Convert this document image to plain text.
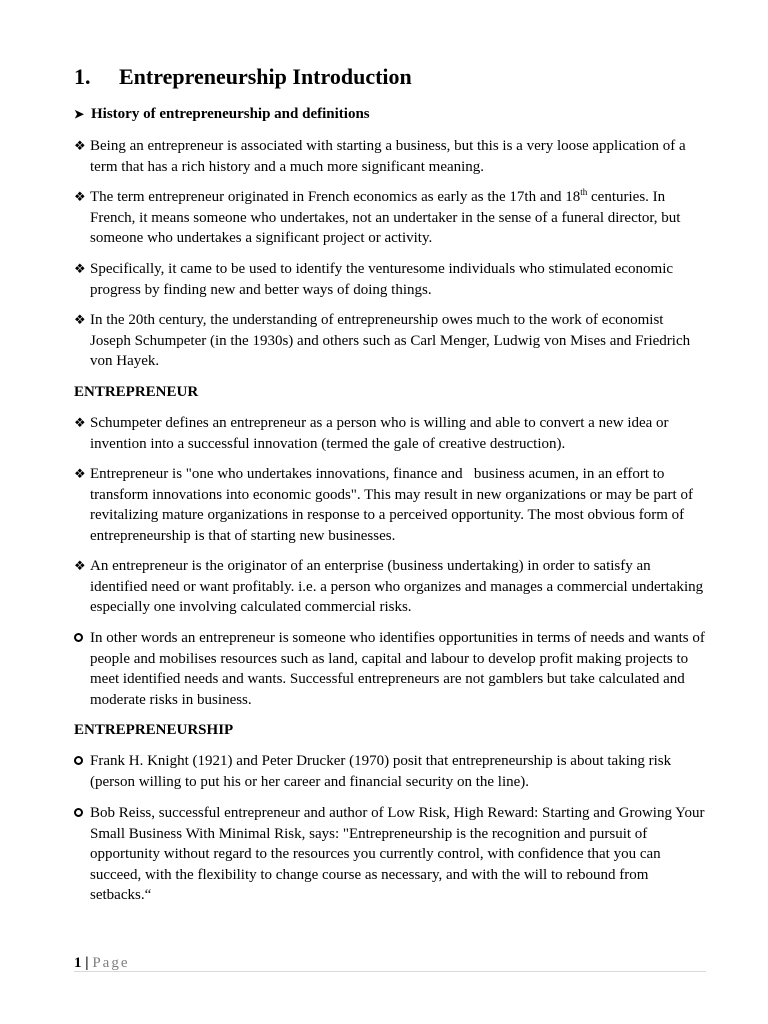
1. Entrepreneurship Introduction
➤ History of entrepreneurship and definitions
❖ Being an entrepreneur is associated with starting a business, but this is a very loose application of a term that has a rich history and a much more significant meaning.
❖ The term entrepreneur originated in French economics as early as the 17th and 18th centuries. In French, it means someone who undertakes, not an undertaker in the sense of a funeral director, but someone who undertakes a significant project or activity.
❖ Specifically, it came to be used to identify the venturesome individuals who stimulated economic progress by finding new and better ways of doing things.
❖ In the 20th century, the understanding of entrepreneurship owes much to the work of economist Joseph Schumpeter (in the 1930s) and others such as Carl Menger, Ludwig von Mises and Friedrich von Hayek.
ENTREPRENEUR
❖ Schumpeter defines an entrepreneur as a person who is willing and able to convert a new idea or invention into a successful innovation (termed the gale of creative destruction).
❖ Entrepreneur is "one who undertakes innovations, finance and   business acumen, in an effort to transform innovations into economic goods". This may result in new organizations or may be part of revitalizing mature organizations in response to a perceived opportunity. The most obvious form of entrepreneurship is that of starting new businesses.
❖ An entrepreneur is the originator of an enterprise (business undertaking) in order to satisfy an identified need or want profitably. i.e. a person who organizes and manages a commercial undertaking especially one involving calculated commercial risks.
In other words an entrepreneur is someone who identifies opportunities in terms of needs and wants of people and mobilises resources such as land, capital and labour to develop profit making projects to meet identified needs and wants. Successful entrepreneurs are not gamblers but take calculated and moderate risks in business.
ENTREPRENEURSHIP
Frank H. Knight (1921) and Peter Drucker (1970) posit that entrepreneurship is about taking risk (person willing to put his or her career and financial security on the line).
Bob Reiss, successful entrepreneur and author of Low Risk, High Reward: Starting and Growing Your Small Business With Minimal Risk, says: "Entrepreneurship is the recognition and pursuit of opportunity without regard to the resources you currently control, with confidence that you can succeed, with the flexibility to change course as necessary, and with the will to rebound from setbacks.“
1 | Page
